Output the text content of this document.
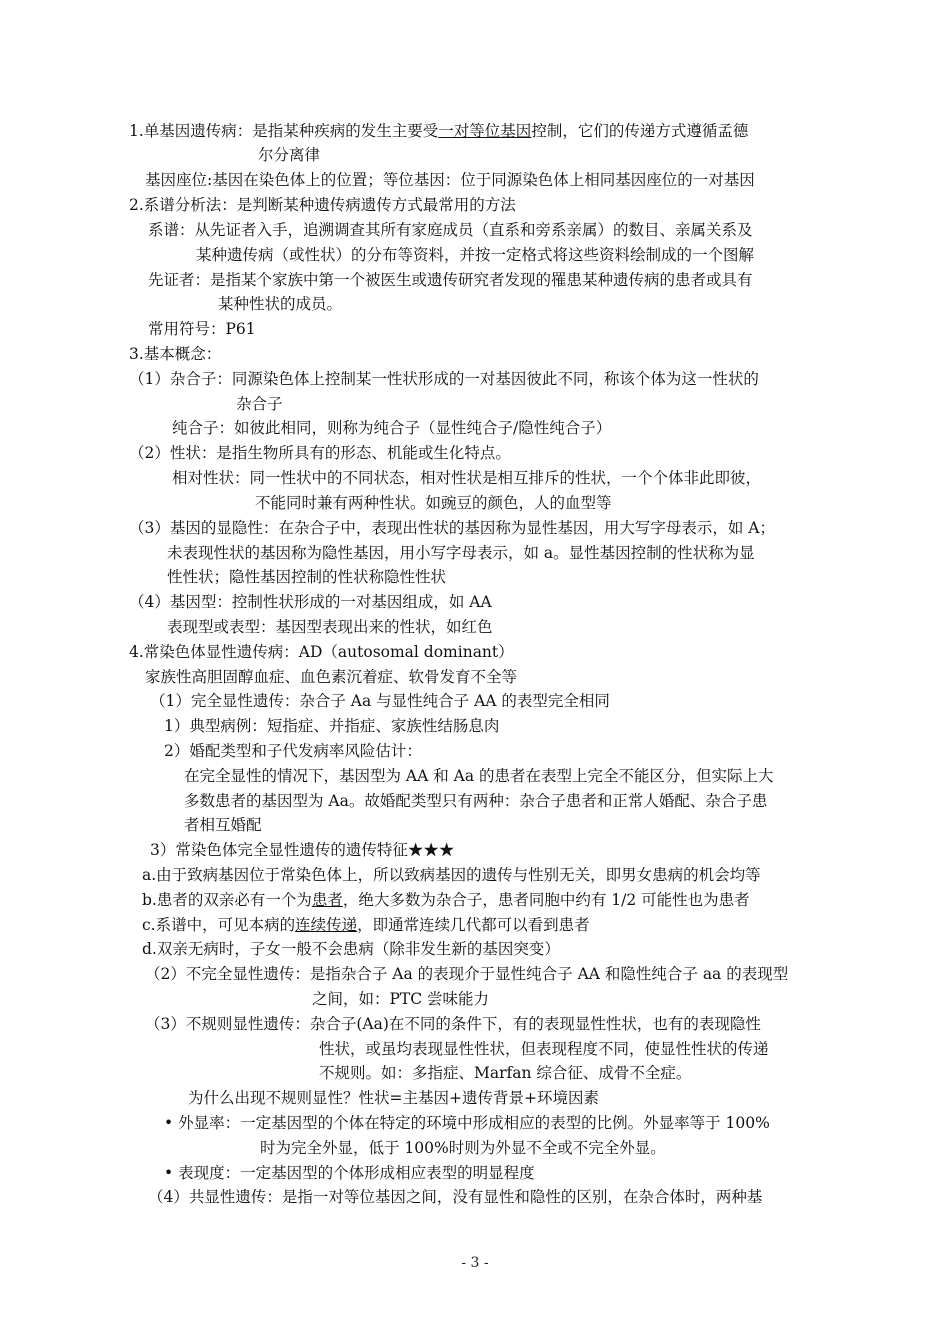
1.单基因遗传病：是指某种疾病的发生主要受一对等位基因控制，它们的传递方式遵循孟德
尔分离律
基因座位:基因在染色体上的位置；等位基因：位于同源染色体上相同基因座位的一对基因
2.系谱分析法：是判断某种遗传病遗传方式最常用的方法
系谱：从先证者入手，追溯调查其所有家庭成员（直系和旁系亲属）的数目、亲属关系及
某种遗传病（或性状）的分布等资料，并按一定格式将这些资料绘制成的一个图解
先证者：是指某个家族中第一个被医生或遗传研究者发现的罹患某种遗传病的患者或具有
某种性状的成员。
常用符号：P61
3.基本概念：
（1）杂合子：同源染色体上控制某一性状形成的一对基因彼此不同，称该个体为这一性状的
杂合子
纯合子：如彼此相同，则称为纯合子（显性纯合子/隐性纯合子）
（2）性状：是指生物所具有的形态、机能或生化特点。
相对性状：同一性状中的不同状态，相对性状是相互排斥的性状，一个个体非此即彼，
不能同时兼有两种性状。如豌豆的颜色，人的血型等
（3）基因的显隐性：在杂合子中，表现出性状的基因称为显性基因，用大写字母表示，如 A；
未表现性状的基因称为隐性基因，用小写字母表示，如 a。显性基因控制的性状称为显
性性状；隐性基因控制的性状称隐性性状
（4）基因型：控制性状形成的一对基因组成，如 AA
表现型或表型：基因型表现出来的性状，如红色
4.常染色体显性遗传病：AD（autosomal dominant）
家族性高胆固醇血症、血色素沉着症、软骨发育不全等
（1）完全显性遗传：杂合子 Aa 与显性纯合子 AA 的表型完全相同
1）典型病例：短指症、并指症、家族性结肠息肉
2）婚配类型和子代发病率风险估计：
在完全显性的情况下，基因型为 AA 和 Aa 的患者在表型上完全不能区分，但实际上大
多数患者的基因型为 Aa。故婚配类型只有两种：杂合子患者和正常人婚配、杂合子患
者相互婚配
3）常染色体完全显性遗传的遗传特征★★★
a.由于致病基因位于常染色体上，所以致病基因的遗传与性别无关，即男女患病的机会均等
b.患者的双亲必有一个为患者，绝大多数为杂合子，患者同胞中约有 1/2 可能性也为患者
c.系谱中，可见本病的连续传递，即通常连续几代都可以看到患者
d.双亲无病时，子女一般不会患病（除非发生新的基因突变）
（2）不完全显性遗传：是指杂合子 Aa 的表现介于显性纯合子 AA 和隐性纯合子 aa 的表现型
之间，如：PTC 尝味能力
（3）不规则显性遗传：杂合子(Aa)在不同的条件下，有的表现显性性状，也有的表现隐性
性状，或虽均表现显性性状，但表现程度不同，使显性性状的传递
不规则。如：多指症、Marfan 综合征、成骨不全症。
为什么出现不规则显性？性状=主基因+遗传背景+环境因素
• 外显率：一定基因型的个体在特定的环境中形成相应的表型的比例。外显率等于 100%
时为完全外显，低于 100%时则为外显不全或不完全外显。
• 表现度：一定基因型的个体形成相应表型的明显程度
（4）共显性遗传：是指一对等位基因之间，没有显性和隐性的区别，在杂合体时，两种基
- 3 -
